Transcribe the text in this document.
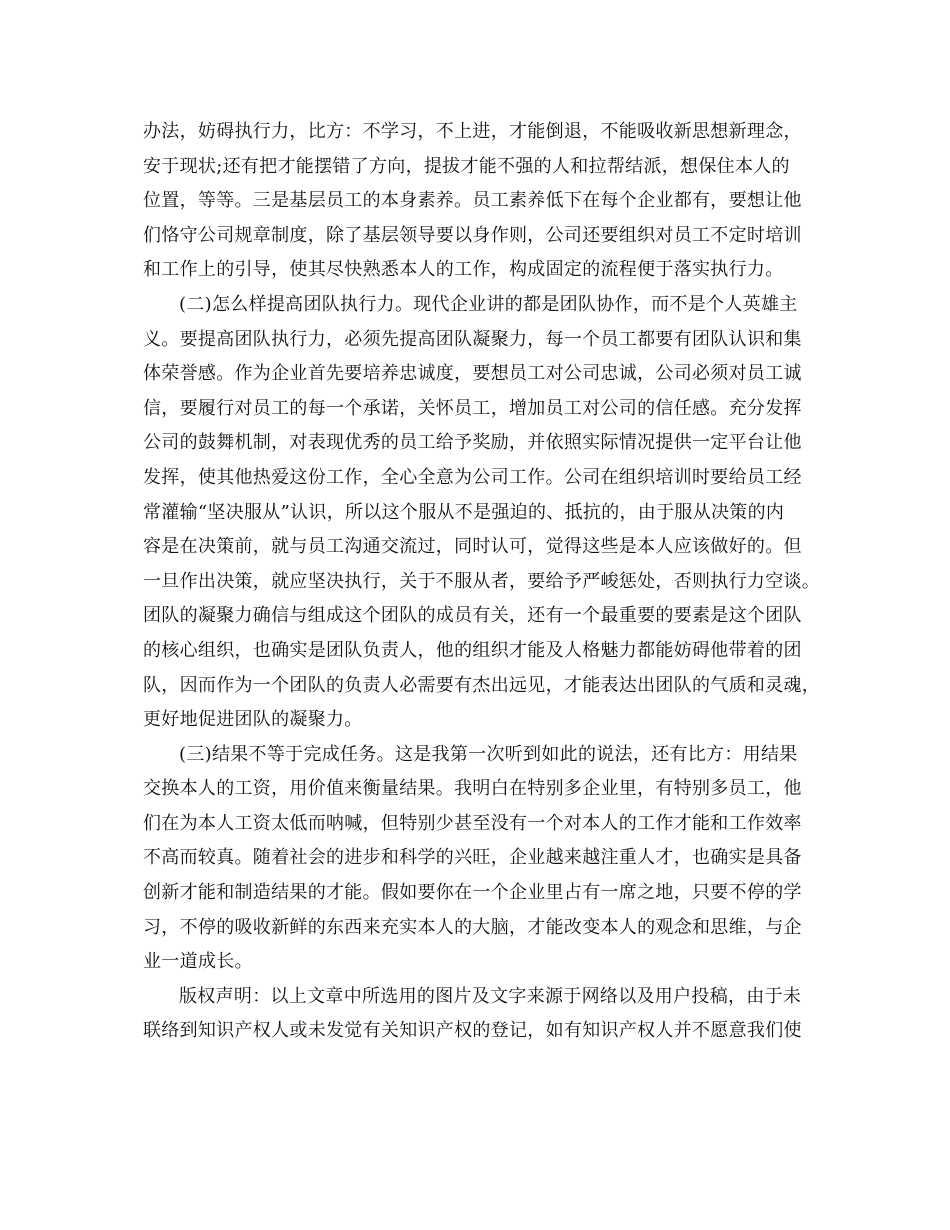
办法，妨碍执行力，比方：不学习，不上进，才能倒退，不能吸收新思想新理念，
安于现状;还有把才能摆错了方向，提拔才能不强的人和拉帮结派，想保住本人的
位置，等等。三是基层员工的本身素养。员工素养低下在每个企业都有，要想让他
们恪守公司规章制度，除了基层领导要以身作则，公司还要组织对员工不定时培训
和工作上的引导，使其尽快熟悉本人的工作，构成固定的流程便于落实执行力。
(二)怎么样提高团队执行力。现代企业讲的都是团队协作，而不是个人英雄主
义。要提高团队执行力，必须先提高团队凝聚力，每一个员工都要有团队认识和集
体荣誉感。作为企业首先要培养忠诚度，要想员工对公司忠诚，公司必须对员工诚
信，要履行对员工的每一个承诺，关怀员工，增加员工对公司的信任感。充分发挥
公司的鼓舞机制，对表现优秀的员工给予奖励，并依照实际情况提供一定平台让他
发挥，使其他热爱这份工作，全心全意为公司工作。公司在组织培训时要给员工经
常灌输“坚决服从”认识，所以这个服从不是强迫的、抵抗的，由于服从决策的内
容是在决策前，就与员工沟通交流过，同时认可，觉得这些是本人应该做好的。但
一旦作出决策，就应坚决执行，关于不服从者，要给予严峻惩处，否则执行力空谈。
团队的凝聚力确信与组成这个团队的成员有关，还有一个最重要的要素是这个团队
的核心组织，也确实是团队负责人，他的组织才能及人格魅力都能妨碍他带着的团
队，因而作为一个团队的负责人必需要有杰出远见，才能表达出团队的气质和灵魂，
更好地促进团队的凝聚力。
(三)结果不等于完成任务。这是我第一次听到如此的说法，还有比方：用结果
交换本人的工资，用价值来衡量结果。我明白在特别多企业里，有特别多员工，他
们在为本人工资太低而呐喊，但特别少甚至没有一个对本人的工作才能和工作效率
不高而较真。随着社会的进步和科学的兴旺，企业越来越注重人才，也确实是具备
创新才能和制造结果的才能。假如要你在一个企业里占有一席之地，只要不停的学
习，不停的吸收新鲜的东西来充实本人的大脑，才能改变本人的观念和思维，与企
业一道成长。
版权声明：以上文章中所选用的图片及文字来源于网络以及用户投稿，由于未
联络到知识产权人或未发觉有关知识产权的登记，如有知识产权人并不愿意我们使
